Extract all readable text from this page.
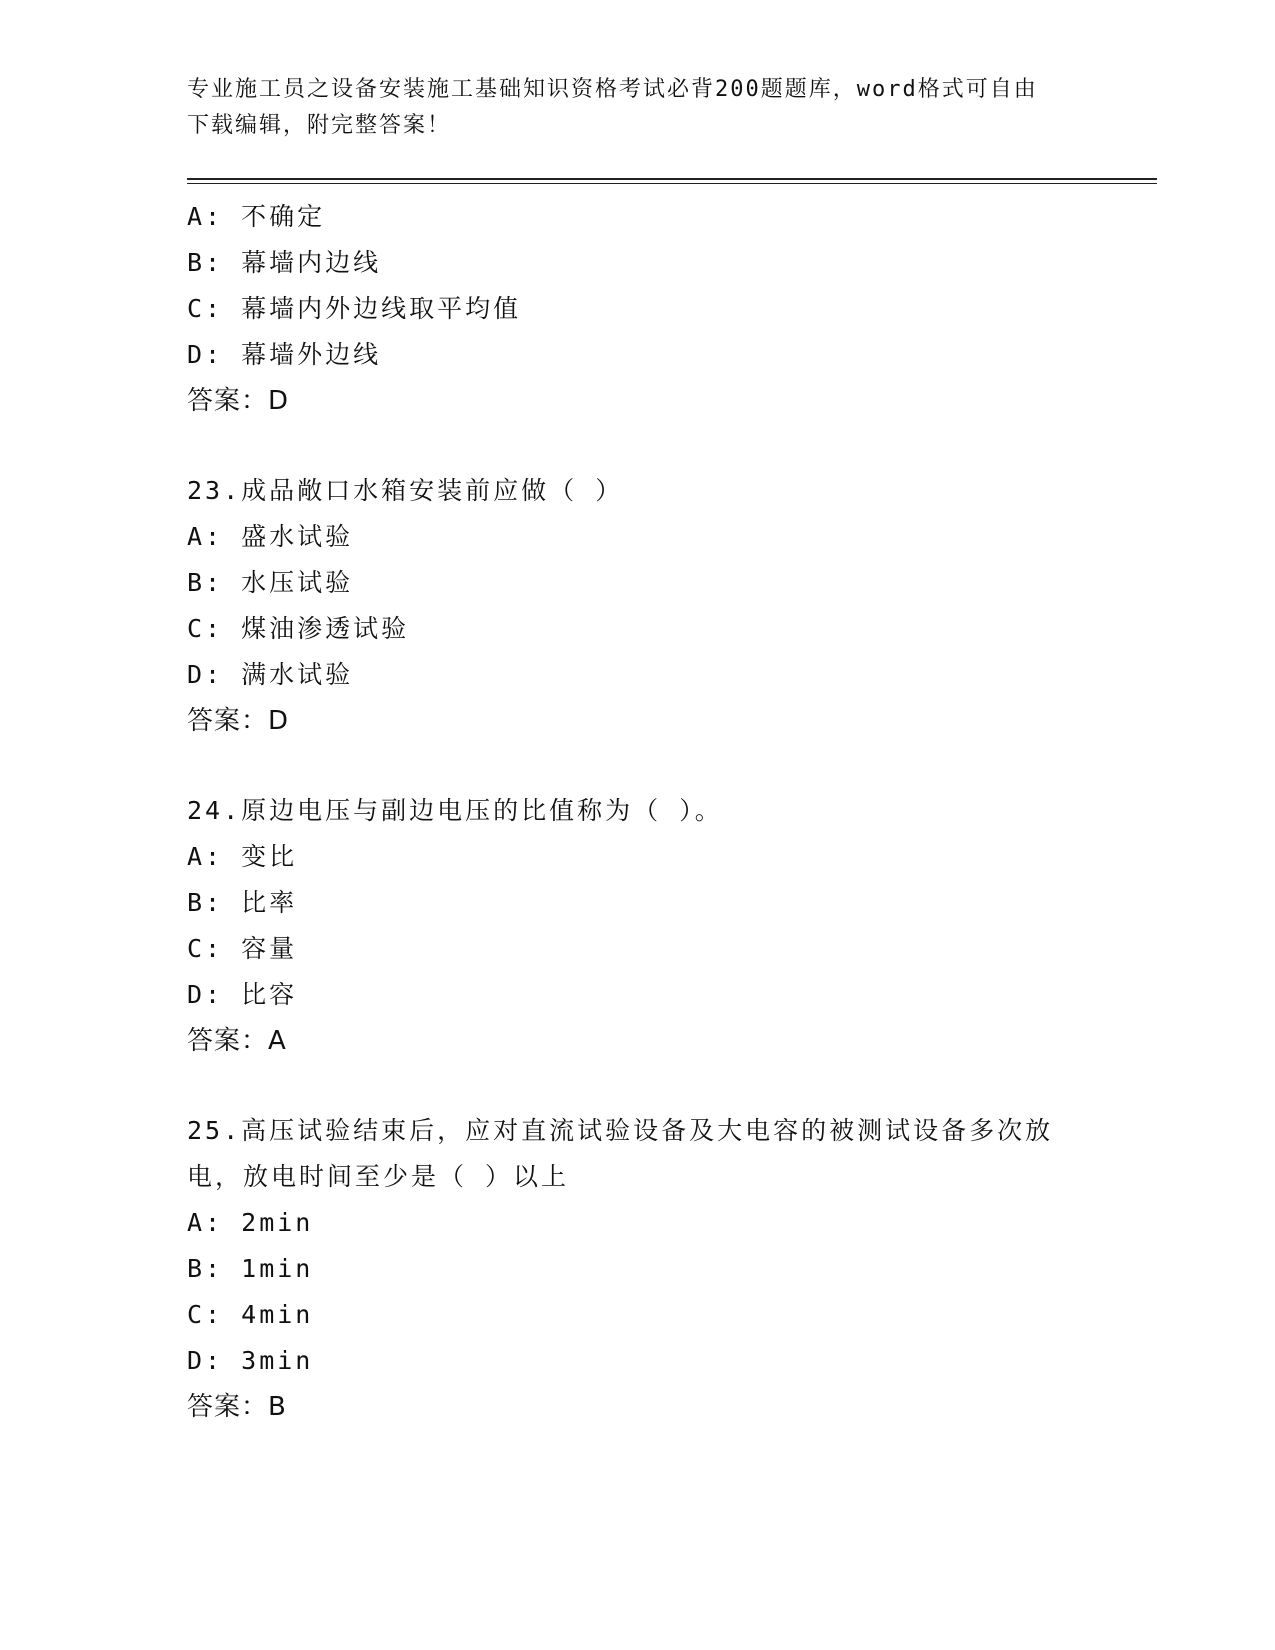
专业施工员之设备安装施工基础知识资格考试必背200题题库，word格式可自由
下载编辑，附完整答案！
A: 不确定
B: 幕墙内边线
C: 幕墙内外边线取平均值
D: 幕墙外边线
答案：D
23.成品敞口水箱安装前应做（ ）
A: 盛水试验
B: 水压试验
C: 煤油渗透试验
D: 满水试验
答案：D
24.原边电压与副边电压的比值称为（ ）。
A: 变比
B: 比率
C: 容量
D: 比容
答案：A
25.高压试验结束后，应对直流试验设备及大电容的被测试设备多次放
电，放电时间至少是（ ）以上
A: 2min
B: 1min
C: 4min
D: 3min
答案：B
